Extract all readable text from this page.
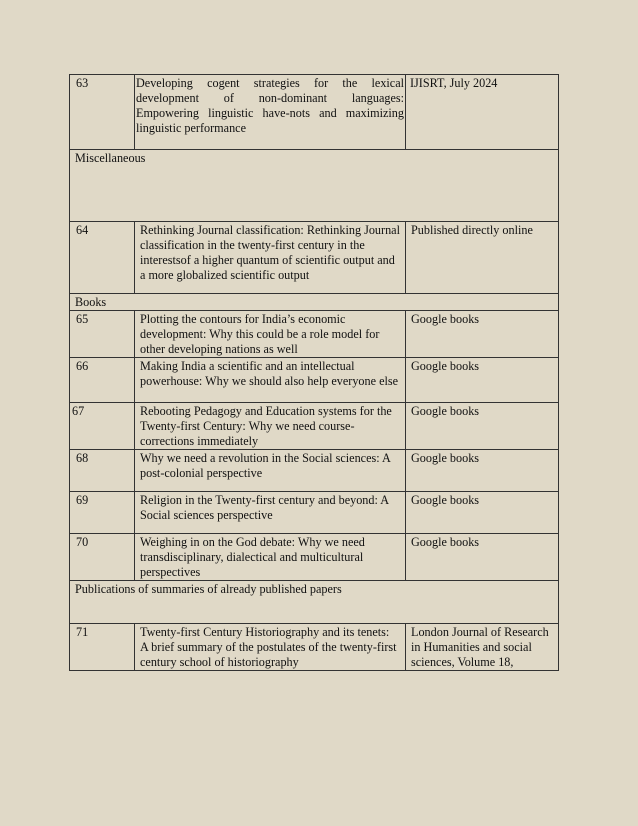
63	Developing cogent strategies for the lexical development of non-dominant languages: Empowering linguistic have-nots and maximizing linguistic performance	IJISRT, July 2024
Miscellaneous		
64	Rethinking Journal classification: Rethinking Journal classification in the twenty-first century in the interestsof a higher quantum of scientific output and a more globalized scientific output	Published directly online
Books		
65	Plotting the contours for India’s economic development: Why this could be a role model for other developing nations as well	Google books
66	Making India a scientific and an intellectual powerhouse: Why we should also help everyone else	Google books
67	Rebooting Pedagogy and Education systems for the Twenty-first Century: Why we need course-corrections immediately	Google books
68	Why we need a revolution in the Social sciences: A post-colonial perspective	Google books
69	Religion in the Twenty-first century and beyond: A Social sciences perspective	Google books
70	Weighing in on the God debate: Why we need transdisciplinary, dialectical and multicultural perspectives	Google books
Publications of summaries of already published papers		
71	Twenty-first Century Historiography and its tenets: A brief summary of the postulates of the twenty-first century school of historiography	London Journal of Research in Humanities and social sciences, Volume 18,
